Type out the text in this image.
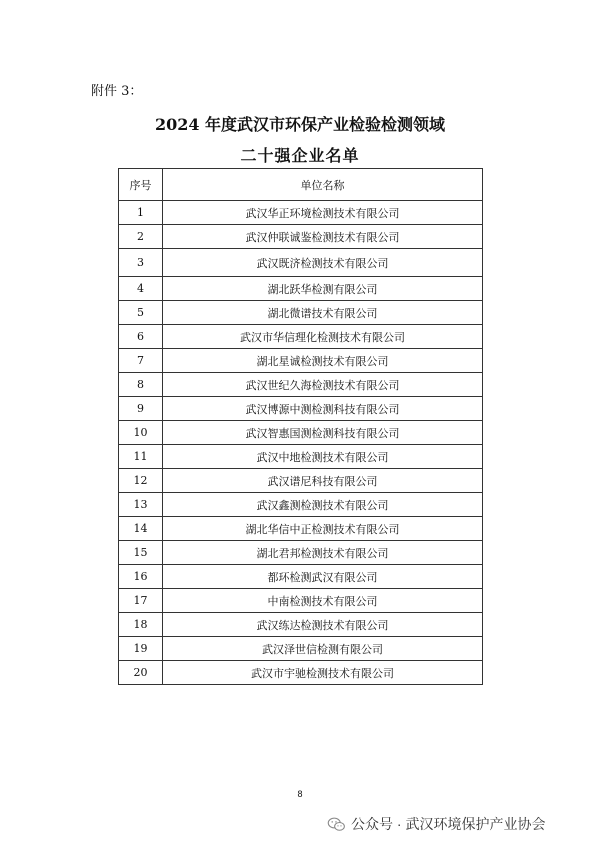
附件 3：
2024 年度武汉市环保产业检验检测领域
二十强企业名单
序号	单位名称
1	武汉华正环境检测技术有限公司
2	武汉仲联诚鉴检测技术有限公司
3	武汉既济检测技术有限公司
4	湖北跃华检测有限公司
5	湖北微谱技术有限公司
6	武汉市华信理化检测技术有限公司
7	湖北星诚检测技术有限公司
8	武汉世纪久海检测技术有限公司
9	武汉博源中测检测科技有限公司
10	武汉智惠国测检测科技有限公司
11	武汉中地检测技术有限公司
12	武汉谱尼科技有限公司
13	武汉鑫测检测技术有限公司
14	湖北华信中正检测技术有限公司
15	湖北君邦检测技术有限公司
16	都环检测武汉有限公司
17	中南检测技术有限公司
18	武汉练达检测技术有限公司
19	武汉泽世信检测有限公司
20	武汉市宇驰检测技术有限公司
8
公众号 · 武汉环境保护产业协会
